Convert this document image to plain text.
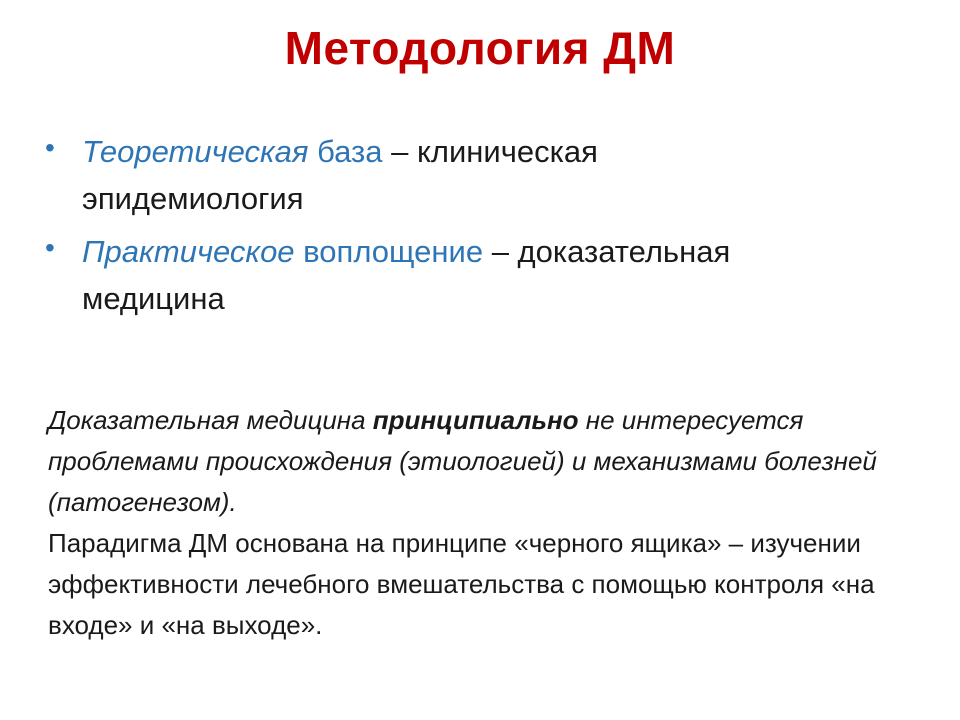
Методология ДМ
• Теоретическая база – клиническая
эпидемиология
• Практическое воплощение – доказательная
медицина
Доказательная медицина принципиально не интересуется проблемами происхождения (этиологией) и механизмами болезней (патогенезом).
Парадигма ДМ основана на принципе «черного ящика» – изучении эффективности лечебного вмешательства с помощью контроля «на входе» и «на выходе».
